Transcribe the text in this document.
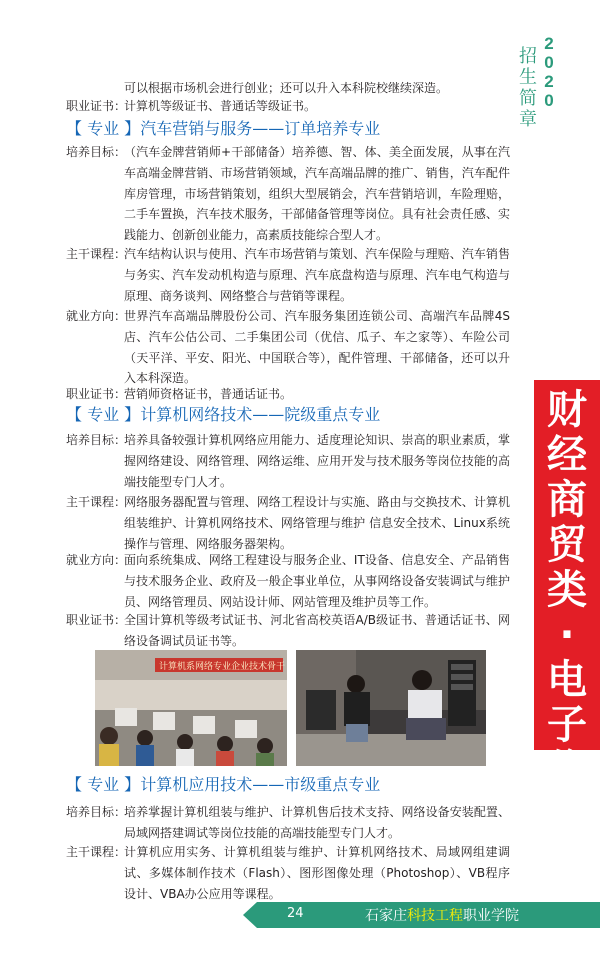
招生简章
2020
可以根据市场机会进行创业；还可以升入本科院校继续深造。
职业证书：
计算机等级证书、普通话等级证书。
【 专业 】汽车营销与服务——订单培养专业
培养目标：
（汽车金牌营销师+干部储备）培养德、智、体、美全面发展，从事在汽车高端金牌营销、市场营销领域，汽车高端品牌的推广、销售，汽车配件库房管理，市场营销策划，组织大型展销会，汽车营销培训，车险理赔，二手车置换，汽车技术服务，干部储备管理等岗位。具有社会责任感、实践能力、创新创业能力，高素质技能综合型人才。
主干课程：
汽车结构认识与使用、汽车市场营销与策划、汽车保险与理赔、汽车销售与务实、汽车发动机构造与原理、汽车底盘构造与原理、汽车电气构造与原理、商务谈判、网络整合与营销等课程。
就业方向：
世界汽车高端品牌股份公司、汽车服务集团连锁公司、高端汽车品牌4S店、汽车公估公司、二手集团公司（优信、瓜子、车之家等）、车险公司（天平洋、平安、阳光、中国联合等），配件管理、干部储备，还可以升入本科深造。
职业证书：
营销师资格证书，普通话证书。
【 专业 】计算机网络技术——院级重点专业
培养目标：
培养具备较强计算机网络应用能力、适度理论知识、崇高的职业素质，掌握网络建设、网络管理、网络运维、应用开发与技术服务等岗位技能的高端技能型专门人才。
主干课程：
网络服务器配置与管理、网络工程设计与实施、路由与交换技术、计算机组装维护、计算机网络技术、网络管理与维护 信息安全技术、Linux系统操作与管理、网络服务器架构。
就业方向：
面向系统集成、网络工程建设与服务企业、IT设备、信息安全、产品销售与技术服务企业、政府及一般企事业单位，从事网络设备安装调试与维护员、网络管理员、网站设计师、网站管理及维护员等工作。
职业证书：
全国计算机等级考试证书、河北省高校英语A/B级证书、普通话证书、网络设备调试员证书等。
计算机系网络专业企业技术骨干
【 专业 】计算机应用技术——市级重点专业
培养目标：
培养掌握计算机组装与维护、计算机售后技术支持、网络设备安装配置、局域网搭建调试等岗位技能的高端技能型专门人才。
主干课程：
计算机应用实务、计算机组装与维护、计算机网络技术、局域网组建调试、多媒体制作技术（Flash）、图形图像处理（Photoshop）、VB程序设计、VBA办公应用等课程。
财经商贸类·电子信息类
24	石家庄科技工程职业学院
